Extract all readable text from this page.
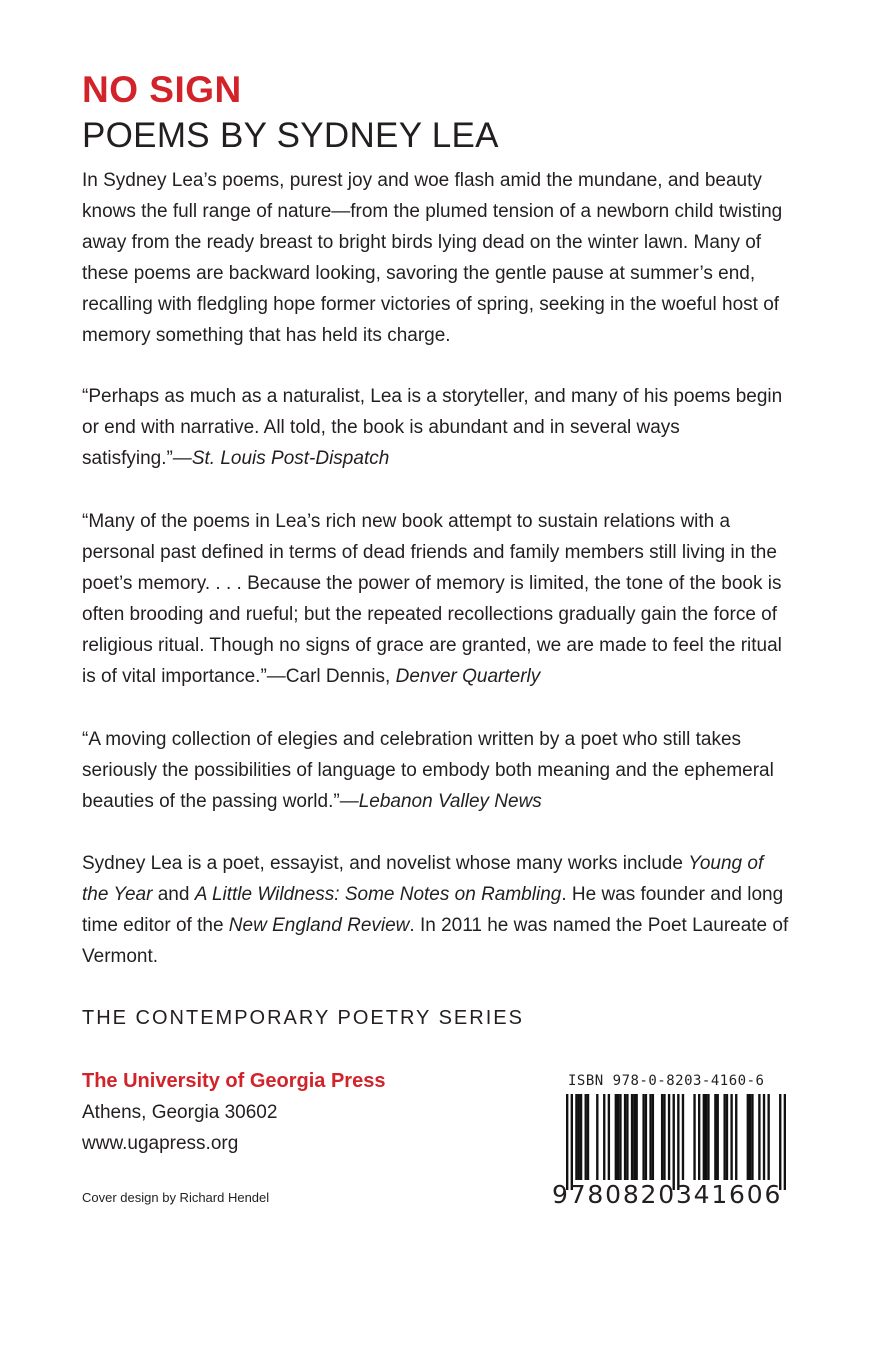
NO SIGN
POEMS BY SYDNEY LEA

In Sydney Lea’s poems, purest joy and woe flash amid the mundane, and beauty knows the full range of nature—from the plumed tension of a newborn child twisting away from the ready breast to bright birds lying dead on the winter lawn. Many of these poems are backward looking, savoring the gentle pause at summer’s end, recalling with fledgling hope former victories of spring, seeking in the woeful host of memory something that has held its charge.

“Perhaps as much as a naturalist, Lea is a storyteller, and many of his poems begin or end with narrative. All told, the book is abundant and in several ways satisfying.”—St. Louis Post-Dispatch

“Many of the poems in Lea’s rich new book attempt to sustain relations with a personal past defined in terms of dead friends and family members still living in the poet’s memory. . . . Because the power of memory is limited, the tone of the book is often brooding and rueful; but the repeated recollections gradually gain the force of religious ritual. Though no signs of grace are granted, we are made to feel the ritual is of vital importance.”—Carl Dennis, Denver Quarterly

“A moving collection of elegies and celebration written by a poet who still takes seriously the possibilities of language to embody both meaning and the ephemeral beauties of the passing world.”—Lebanon Valley News

Sydney Lea is a poet, essayist, and novelist whose many works include Young of the Year and A Little Wildness: Some Notes on Rambling. He was founder and long time editor of the New England Review. In 2011 he was named the Poet Laureate of Vermont.

THE CONTEMPORARY POETRY SERIES
The University of Georgia Press
Athens, Georgia 30602
www.ugapress.org
Cover design by Richard Hendel
ISBN 978-0-8203-4160-6
9780820341606
